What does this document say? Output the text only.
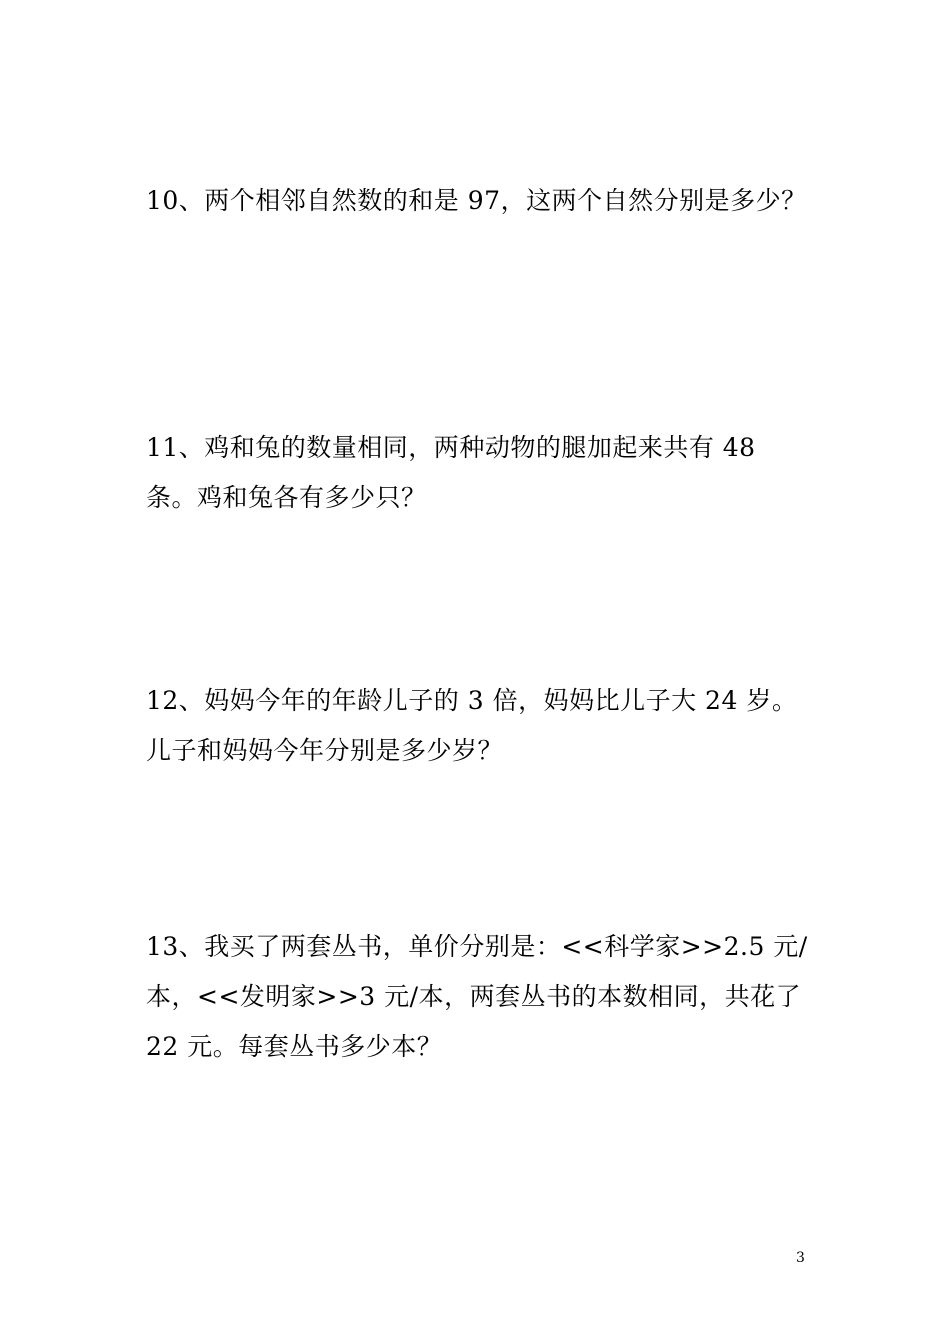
10、两个相邻自然数的和是 97，这两个自然分别是多少？

11、鸡和兔的数量相同，两种动物的腿加起来共有 48 条。鸡和兔各有多少只？

12、妈妈今年的年龄儿子的 3 倍，妈妈比儿子大 24 岁。儿子和妈妈今年分别是多少岁？

13、我买了两套丛书，单价分别是：<<科学家>>2.5 元/本，<<发明家>>3 元/本，两套丛书的本数相同，共花了 22 元。每套丛书多少本？

3
